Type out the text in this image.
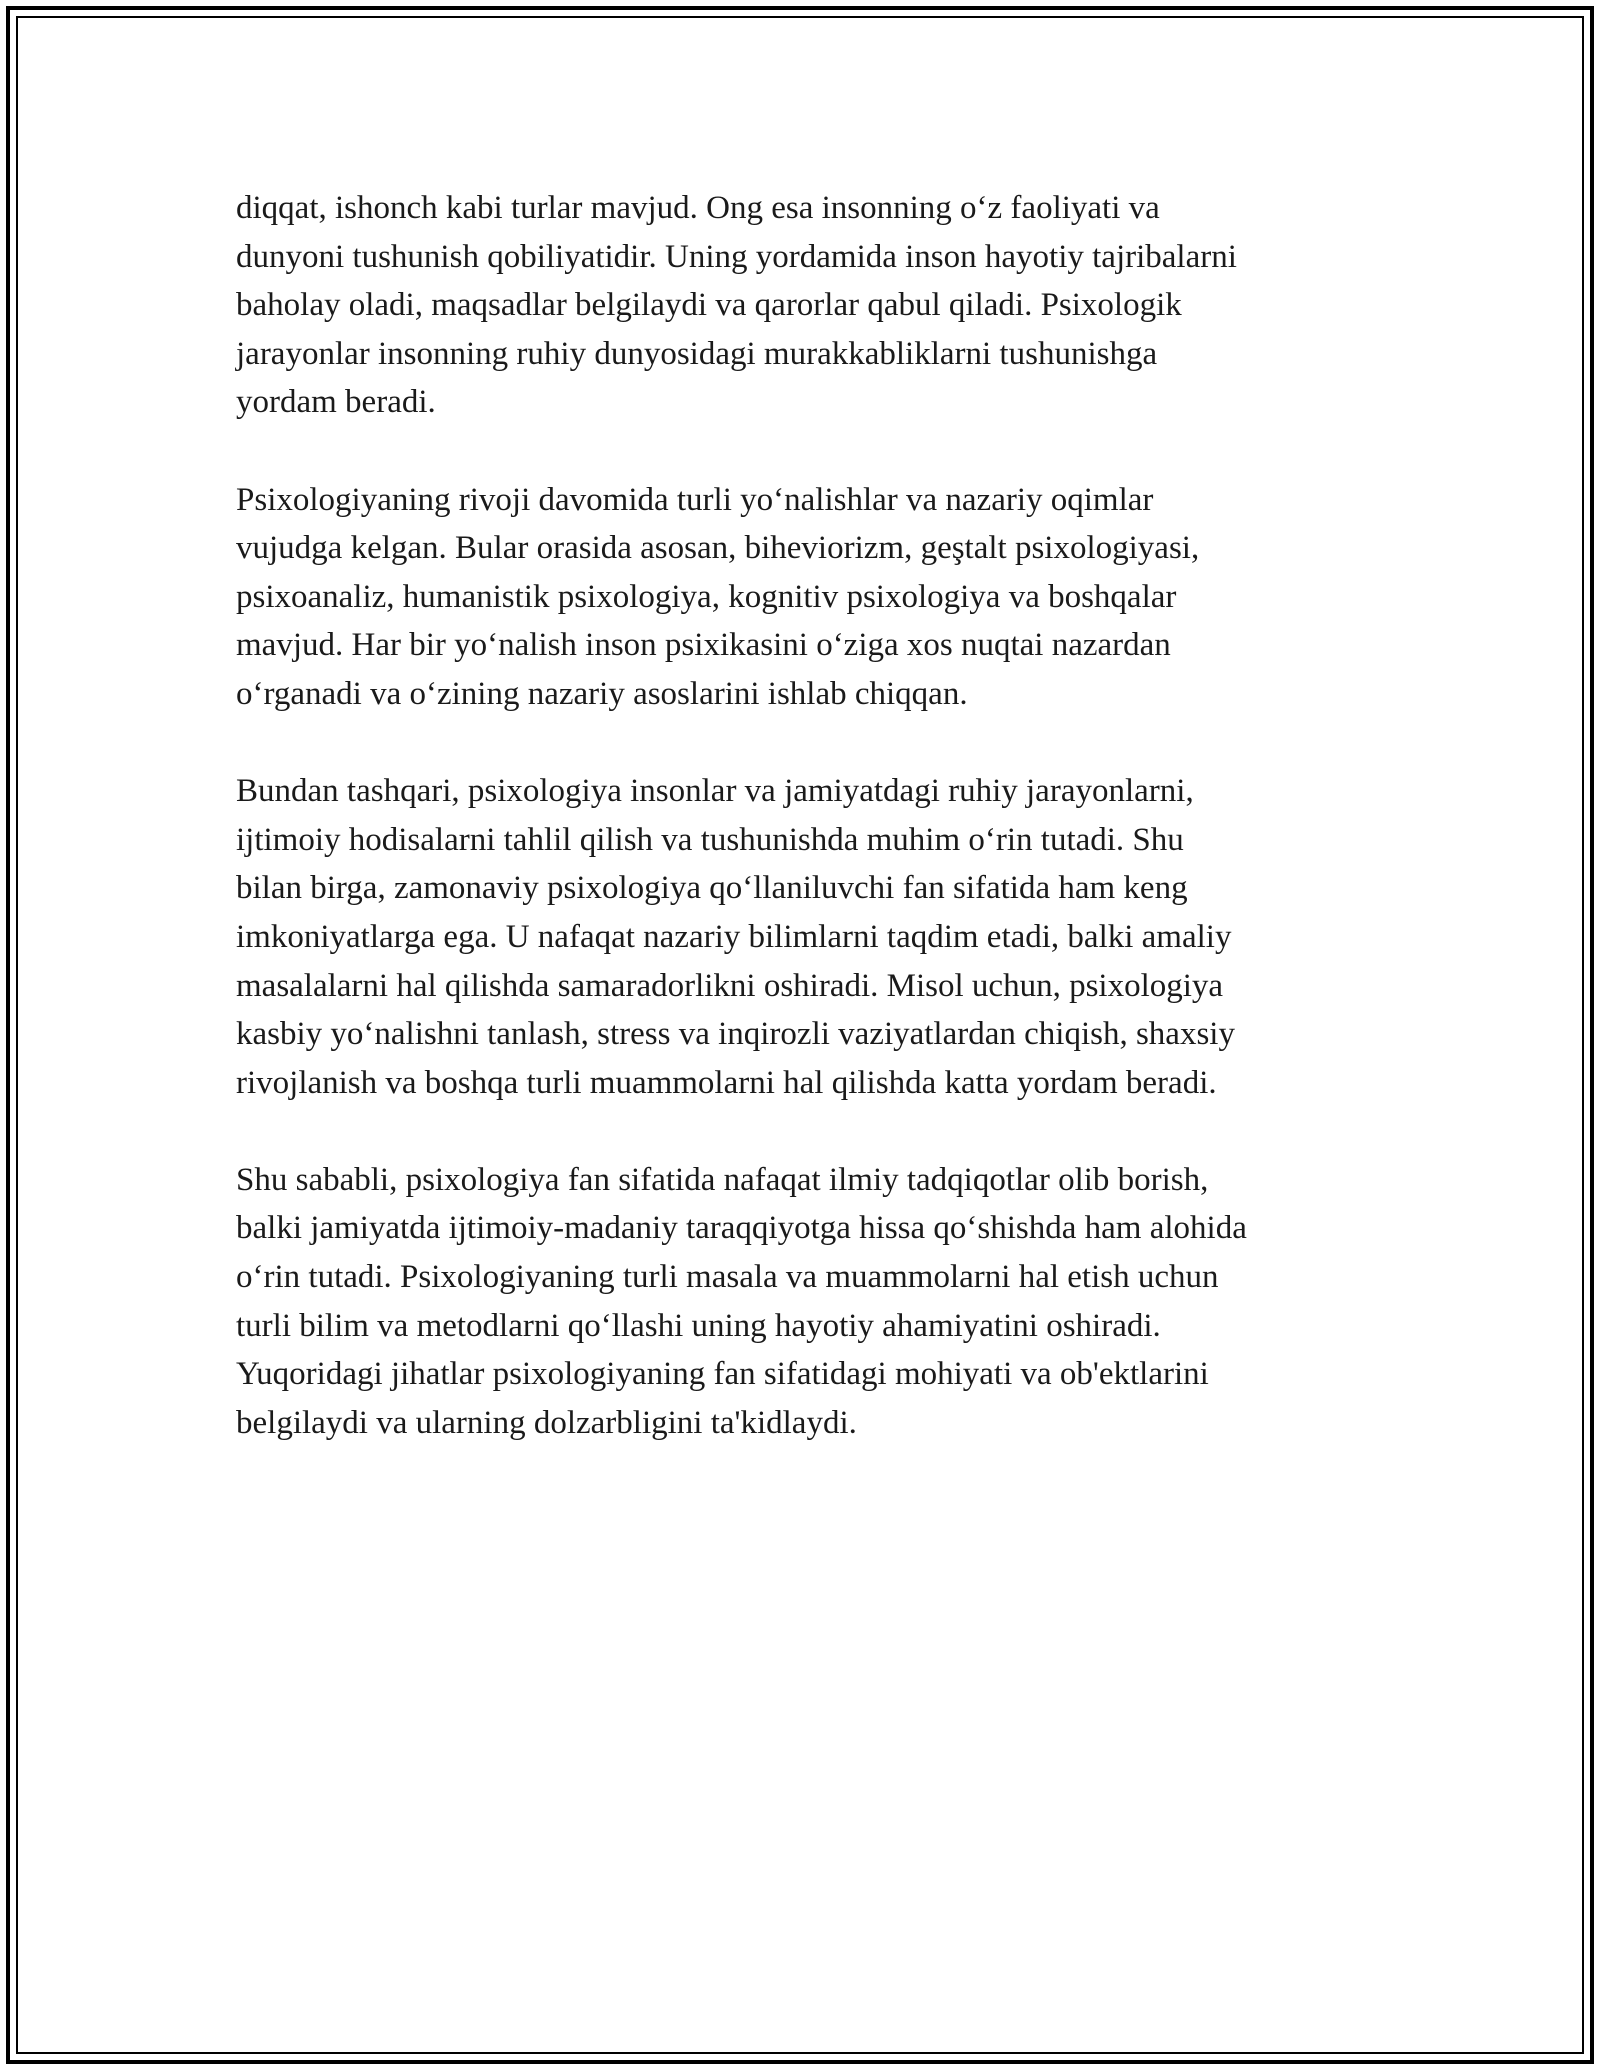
diqqat, ishonch kabi turlar mavjud. Ong esa insonning o‘z faoliyati va
dunyoni tushunish qobiliyatidir. Uning yordamida inson hayotiy tajribalarni
baholay oladi, maqsadlar belgilaydi va qarorlar qabul qiladi. Psixologik
jarayonlar insonning ruhiy dunyosidagi murakkabliklarni tushunishga
yordam beradi.

Psixologiyaning rivoji davomida turli yo‘nalishlar va nazariy oqimlar
vujudga kelgan. Bular orasida asosan, biheviorizm, geştalt psixologiyasi,
psixoanaliz, humanistik psixologiya, kognitiv psixologiya va boshqalar
mavjud. Har bir yo‘nalish inson psixikasini o‘ziga xos nuqtai nazardan
o‘rganadi va o‘zining nazariy asoslarini ishlab chiqqan.

Bundan tashqari, psixologiya insonlar va jamiyatdagi ruhiy jarayonlarni,
ijtimoiy hodisalarni tahlil qilish va tushunishda muhim o‘rin tutadi. Shu
bilan birga, zamonaviy psixologiya qo‘llaniluvchi fan sifatida ham keng
imkoniyatlarga ega. U nafaqat nazariy bilimlarni taqdim etadi, balki amaliy
masalalarni hal qilishda samaradorlikni oshiradi. Misol uchun, psixologiya
kasbiy yo‘nalishni tanlash, stress va inqirozli vaziyatlardan chiqish, shaxsiy
rivojlanish va boshqa turli muammolarni hal qilishda katta yordam beradi.

Shu sababli, psixologiya fan sifatida nafaqat ilmiy tadqiqotlar olib borish,
balki jamiyatda ijtimoiy-madaniy taraqqiyotga hissa qo‘shishda ham alohida
o‘rin tutadi. Psixologiyaning turli masala va muammolarni hal etish uchun
turli bilim va metodlarni qo‘llashi uning hayotiy ahamiyatini oshiradi.
Yuqoridagi jihatlar psixologiyaning fan sifatidagi mohiyati va ob'ektlarini
belgilaydi va ularning dolzarbligini ta'kidlaydi.
